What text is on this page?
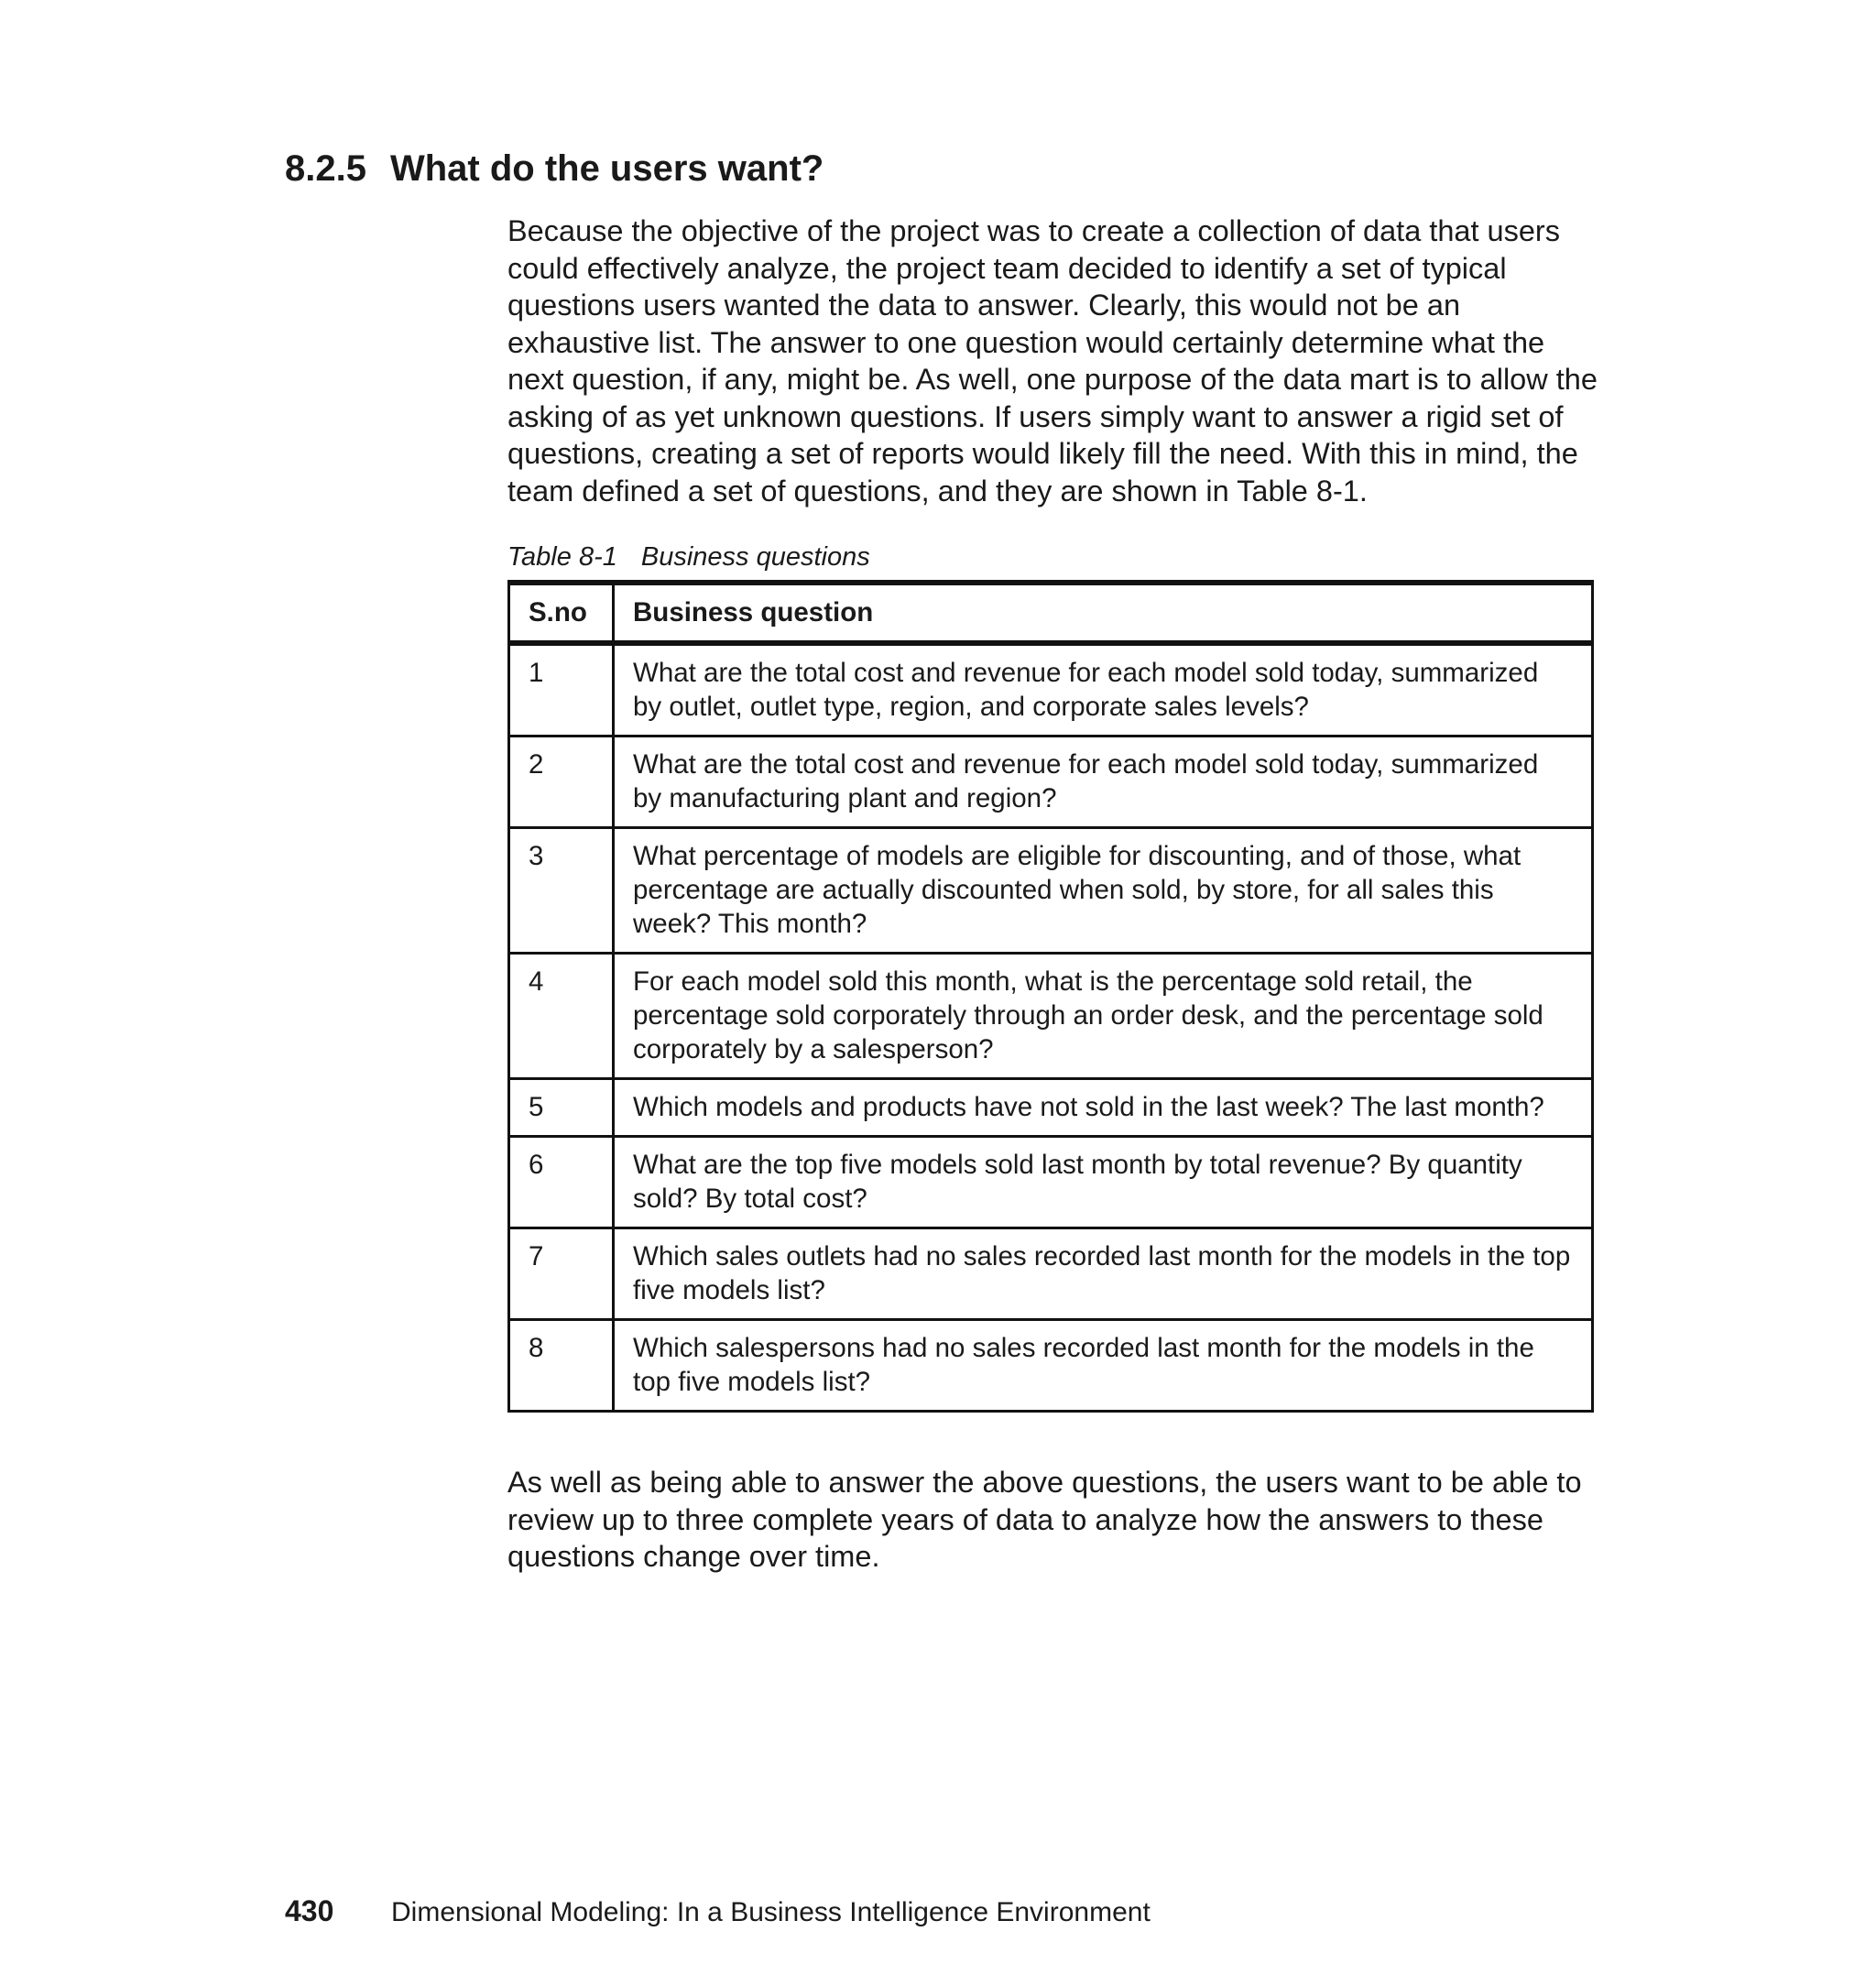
8.2.5 What do the users want?

Because the objective of the project was to create a collection of data that users could effectively analyze, the project team decided to identify a set of typical questions users wanted the data to answer. Clearly, this would not be an exhaustive list. The answer to one question would certainly determine what the next question, if any, might be. As well, one purpose of the data mart is to allow the asking of as yet unknown questions. If users simply want to answer a rigid set of questions, creating a set of reports would likely fill the need. With this in mind, the team defined a set of questions, and they are shown in Table 8-1.

Table 8-1 Business questions

S.no	Business question
1	What are the total cost and revenue for each model sold today, summarized by outlet, outlet type, region, and corporate sales levels?
2	What are the total cost and revenue for each model sold today, summarized by manufacturing plant and region?
3	What percentage of models are eligible for discounting, and of those, what percentage are actually discounted when sold, by store, for all sales this week? This month?
4	For each model sold this month, what is the percentage sold retail, the percentage sold corporately through an order desk, and the percentage sold corporately by a salesperson?
5	Which models and products have not sold in the last week? The last month?
6	What are the top five models sold last month by total revenue? By quantity sold? By total cost?
7	Which sales outlets had no sales recorded last month for the models in the top five models list?
8	Which salespersons had no sales recorded last month for the models in the top five models list?

As well as being able to answer the above questions, the users want to be able to review up to three complete years of data to analyze how the answers to these questions change over time.

430 Dimensional Modeling: In a Business Intelligence Environment
